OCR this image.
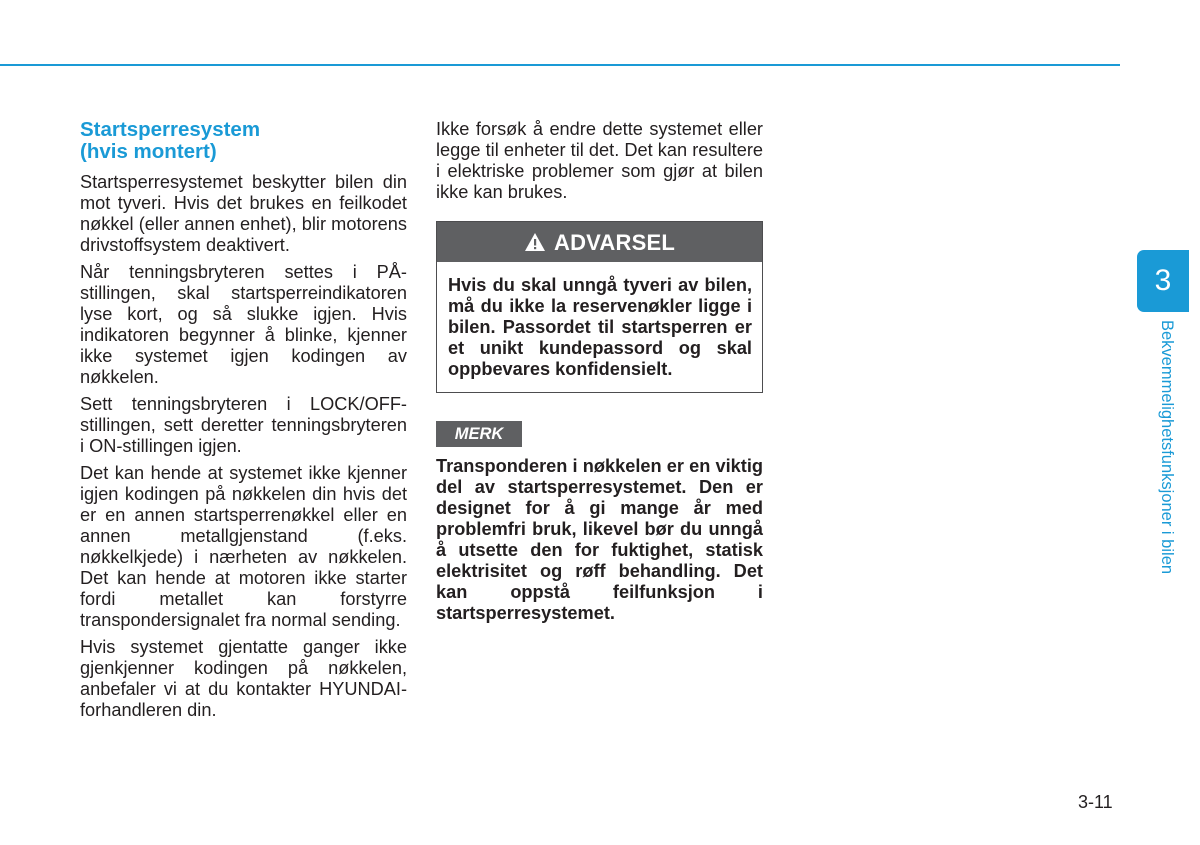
Startsperresystem
(hvis montert)

Startsperresystemet beskytter bilen din mot tyveri. Hvis det brukes en feilkodet nøkkel (eller annen enhet), blir motorens drivstoffsystem deaktivert.

Når tenningsbryteren settes i PÅ-stillingen, skal startsperreindikatoren lyse kort, og så slukke igjen. Hvis indikatoren begynner å blinke, kjenner ikke systemet igjen kodingen av nøkkelen.

Sett tenningsbryteren i LOCK/OFF-stillingen, sett deretter tenningsbryteren i ON-stillingen igjen.

Det kan hende at systemet ikke kjenner igjen kodingen på nøkkelen din hvis det er en annen startsperrenøkkel eller en annen metallgjenstand (f.eks. nøkkelkjede) i nærheten av nøkkelen. Det kan hende at motoren ikke starter fordi metallet kan forstyrre transpondersignalet fra normal sending.

Hvis systemet gjentatte ganger ikke gjenkjenner kodingen på nøkkelen, anbefaler vi at du kontakter HYUNDAI-forhandleren din.

Ikke forsøk å endre dette systemet eller legge til enheter til det. Det kan resultere i elektriske problemer som gjør at bilen ikke kan brukes.

ADVARSEL
Hvis du skal unngå tyveri av bilen, må du ikke la reservenøkler ligge i bilen. Passordet til startsperren er et unikt kundepassord og skal oppbevares konfidensielt.
MERK
Transponderen i nøkkelen er en viktig del av startsperresystemet. Den er designet for å gi mange år med problemfri bruk, likevel bør du unngå å utsette den for fuktighet, statisk elektrisitet og røff behandling. Det kan oppstå feilfunksjon i startsperresystemet.
3
Bekvemmelighetsfunksjoner i bilen
3-11
